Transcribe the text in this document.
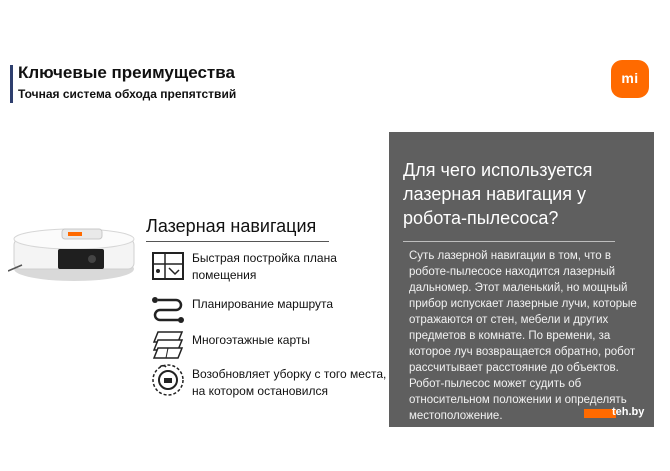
Ключевые преимущества
Точная система обхода препятствий
mi
Лазерная навигация
Быстрая постройка плана помещения
Планирование маршрута
Многоэтажные карты
Возобновляет уборку с того места, на котором остановился
Для чего используется лазерная навигация у робота-пылесоса?
Суть лазерной навигации в том, что в роботе-пылесосе находится лазерный дальномер. Этот маленький, но мощный прибор испускает лазерные лучи, которые отражаются от стен, мебели и других предметов в комнате. По времени, за которое луч возвращается обратно, робот рассчитывает расстояние до объектов. Робот-пылесос может судить об относительном положении и определять местоположение.	teh.by
